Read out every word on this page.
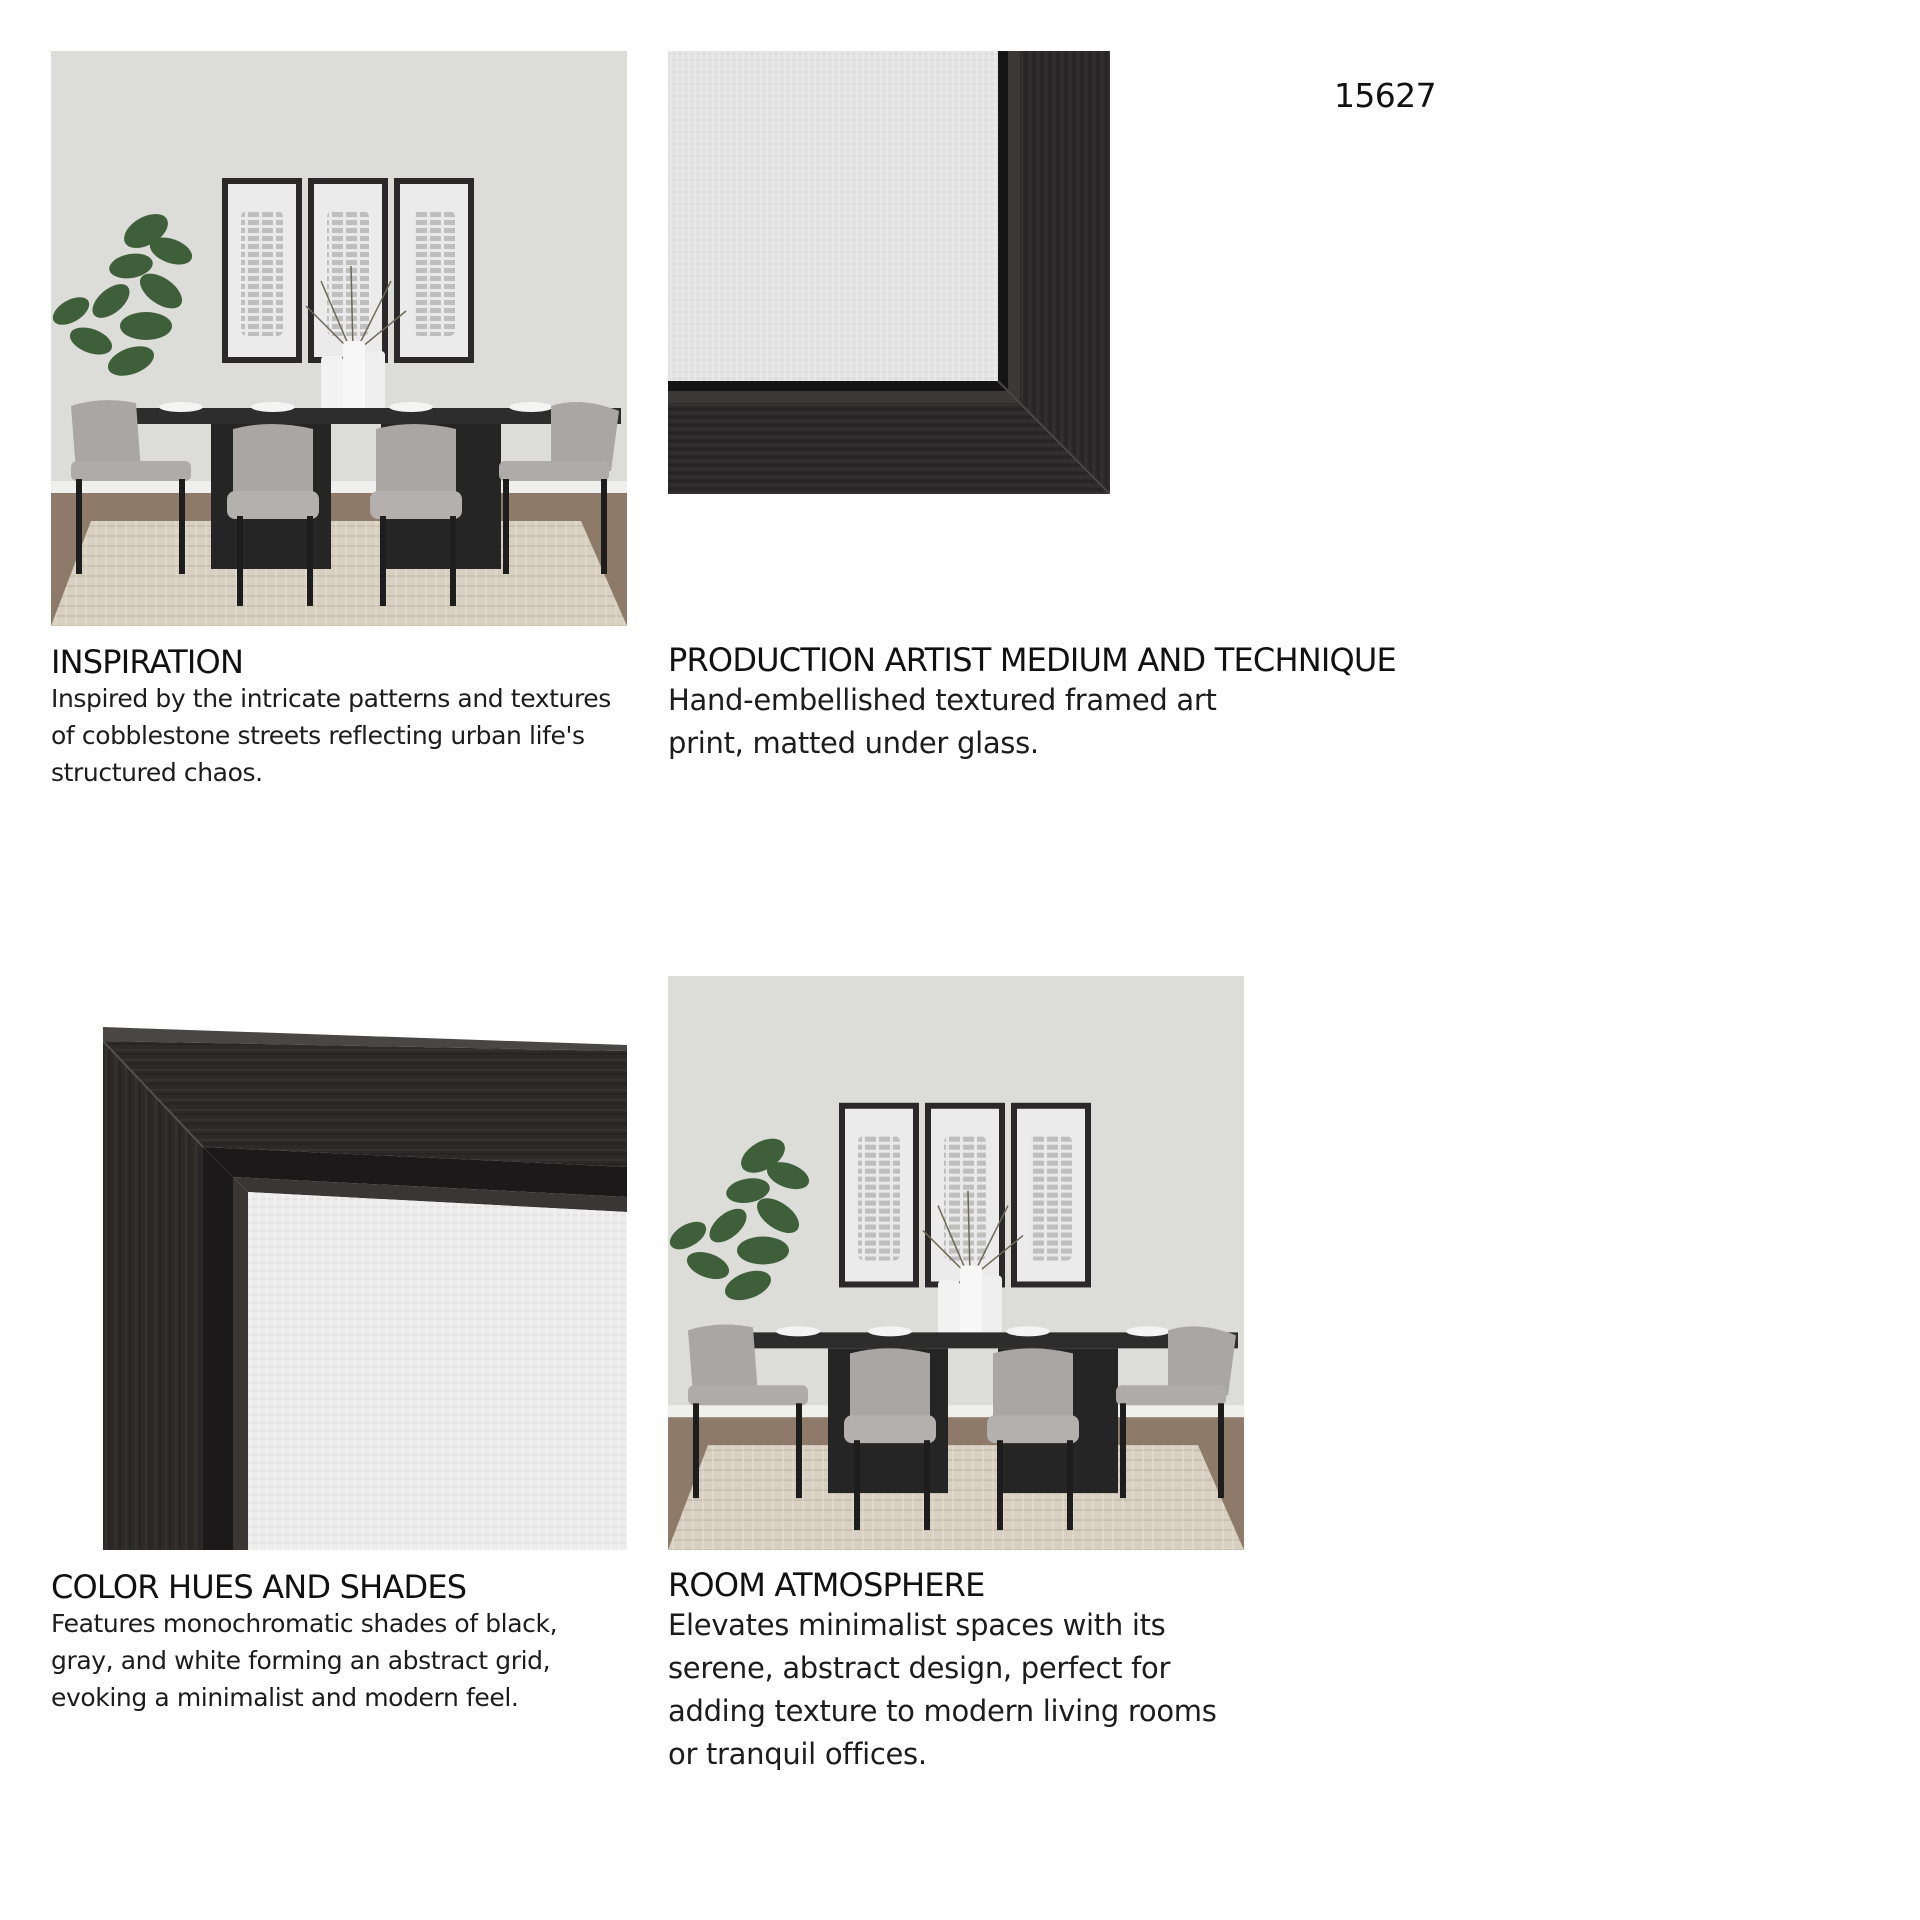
15627
INSPIRATION
Inspired by the intricate patterns and textures
of cobblestone streets reflecting urban life's
structured chaos.
PRODUCTION ARTIST MEDIUM AND TECHNIQUE
Hand-embellished textured framed art
print, matted under glass.
COLOR HUES AND SHADES
Features monochromatic shades of black,
gray, and white forming an abstract grid,
evoking a minimalist and modern feel.
ROOM ATMOSPHERE
Elevates minimalist spaces with its
serene, abstract design, perfect for
adding texture to modern living rooms
or tranquil offices.
